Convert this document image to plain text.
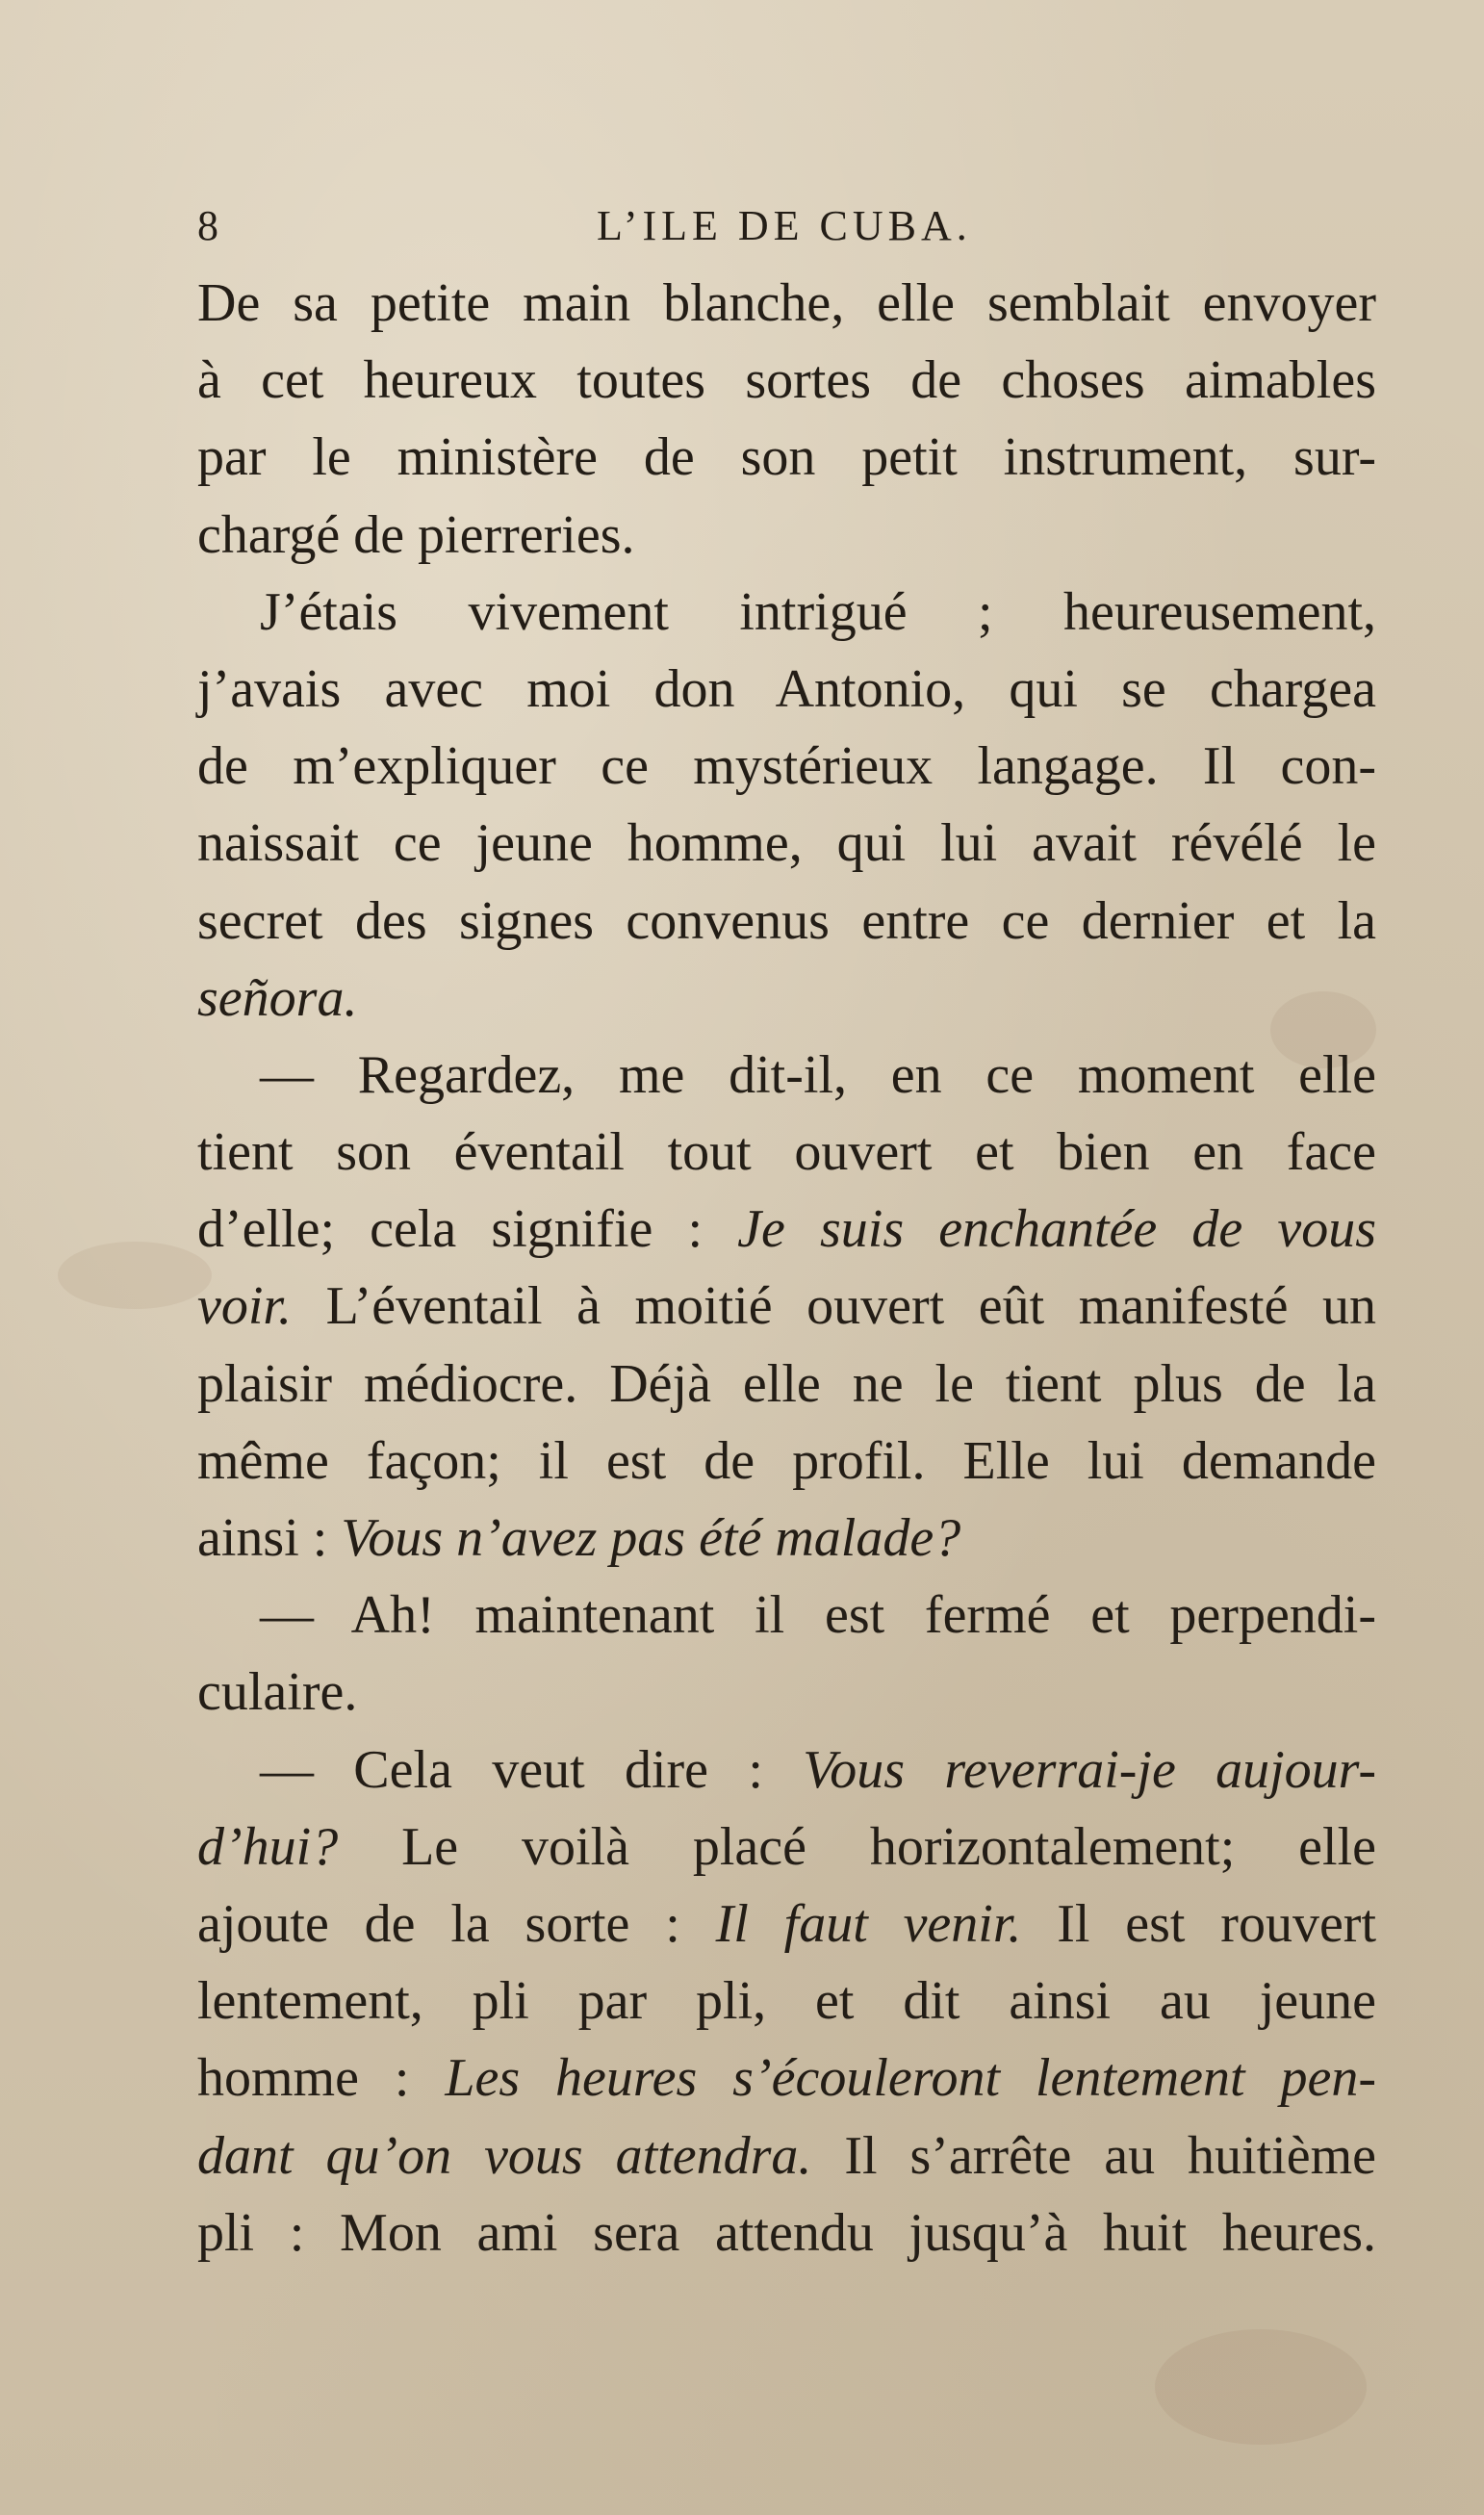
8	L’ILE DE CUBA.
De sa petite main blanche, elle semblait envoyer
à cet heureux toutes sortes de choses aimables
par le ministère de son petit instrument, sur-
chargé de pierreries.
J’étais vivement intrigué ; heureusement,
j’avais avec moi don Antonio, qui se chargea
de m’expliquer ce mystérieux langage. Il con-
naissait ce jeune homme, qui lui avait révélé le
secret des signes convenus entre ce dernier et la
señora.
— Regardez, me dit-il, en ce moment elle
tient son éventail tout ouvert et bien en face
d’elle; cela signifie : Je suis enchantée de vous
voir. L’éventail à moitié ouvert eût manifesté un
plaisir médiocre. Déjà elle ne le tient plus de la
même façon; il est de profil. Elle lui demande
ainsi : Vous n’avez pas été malade?
— Ah! maintenant il est fermé et perpendi-
culaire.
— Cela veut dire : Vous reverrai-je aujour-
d’hui? Le voilà placé horizontalement; elle
ajoute de la sorte : Il faut venir. Il est rouvert
lentement, pli par pli, et dit ainsi au jeune
homme : Les heures s’écouleront lentement pen-
dant qu’on vous attendra. Il s’arrête au huitième
pli : Mon ami sera attendu jusqu’à huit heures.
